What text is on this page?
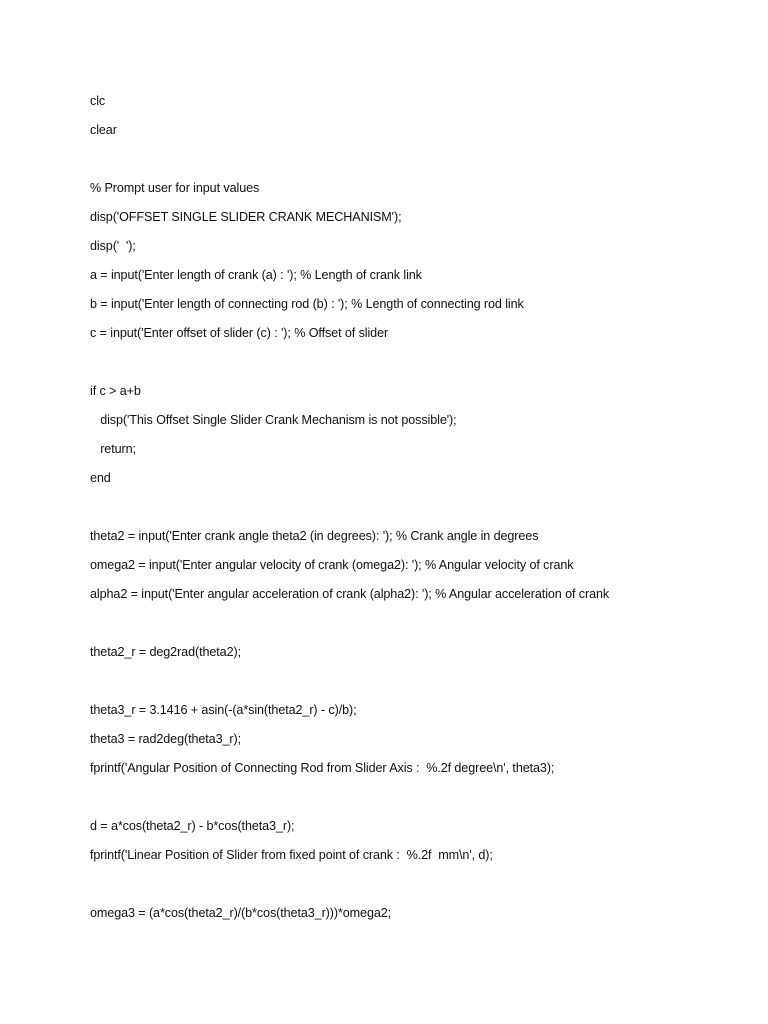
clc
clear
% Prompt user for input values
disp('OFFSET SINGLE SLIDER CRANK MECHANISM');
disp('  ');
a = input('Enter length of crank (a) : '); % Length of crank link
b = input('Enter length of connecting rod (b) : '); % Length of connecting rod link
c = input('Enter offset of slider (c) : '); % Offset of slider
if c > a+b
disp('This Offset Single Slider Crank Mechanism is not possible');
return;
end
theta2 = input('Enter crank angle theta2 (in degrees): '); % Crank angle in degrees
omega2 = input('Enter angular velocity of crank (omega2): '); % Angular velocity of crank
alpha2 = input('Enter angular acceleration of crank (alpha2): '); % Angular acceleration of crank
theta2_r = deg2rad(theta2);
theta3_r = 3.1416 + asin(-(a*sin(theta2_r) - c)/b);
theta3 = rad2deg(theta3_r);
fprintf('Angular Position of Connecting Rod from Slider Axis :  %.2f degree\n', theta3);
d = a*cos(theta2_r) - b*cos(theta3_r);
fprintf('Linear Position of Slider from fixed point of crank :  %.2f  mm\n', d);
omega3 = (a*cos(theta2_r)/(b*cos(theta3_r)))*omega2;
